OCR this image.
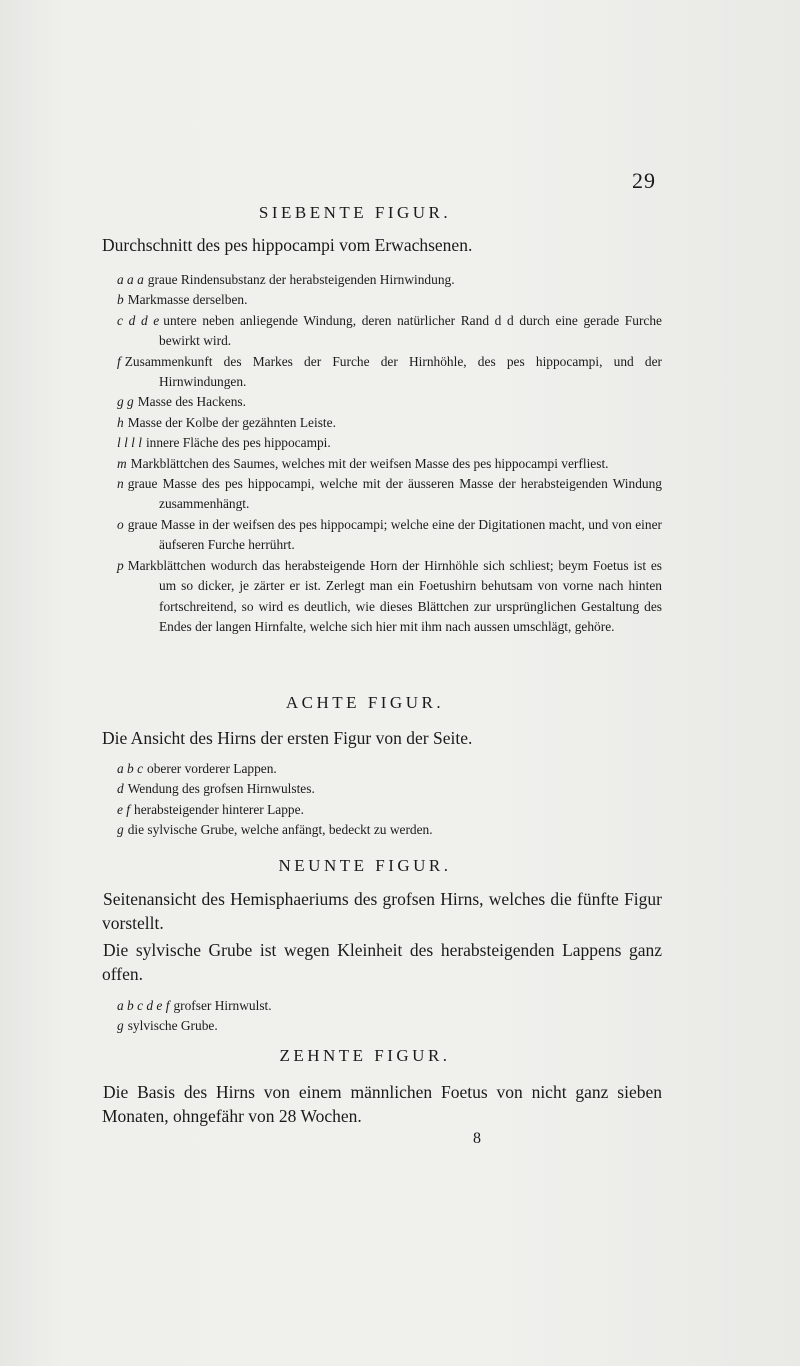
29
SIEBENTE FIGUR.
Durchschnitt des pes hippocampi vom Erwachsenen.
a a a graue Rindensubstanz der herabsteigenden Hirnwindung.
b Markmasse derselben.
c d d e untere neben anliegende Windung, deren natürlicher Rand d d durch eine gerade Furche bewirkt wird.
f Zusammenkunft des Markes der Furche der Hirnhöhle, des pes hippocampi, und der Hirnwindungen.
g g Masse des Hackens.
h Masse der Kolbe der gezähnten Leiste.
l l l l innere Fläche des pes hippocampi.
m Markblättchen des Saumes, welches mit der weifsen Masse des pes hippocampi verfliest.
n graue Masse des pes hippocampi, welche mit der äusseren Masse der herabsteigenden Windung zusammenhängt.
o graue Masse in der weifsen des pes hippocampi; welche eine der Digitationen macht, und von einer äufseren Furche herrührt.
p Markblättchen wodurch das herabsteigende Horn der Hirnhöhle sich schliest; beym Foetus ist es um so dicker, je zärter er ist. Zerlegt man ein Foetushirn behutsam von vorne nach hinten fortschreitend, so wird es deutlich, wie dieses Blättchen zur ursprünglichen Gestaltung des Endes der langen Hirnfalte, welche sich hier mit ihm nach aussen umschlägt, gehöre.
ACHTE FIGUR.
Die Ansicht des Hirns der ersten Figur von der Seite.
a b c oberer vorderer Lappen.
d Wendung des grofsen Hirnwulstes.
e f herabsteigender hinterer Lappe.
g die sylvische Grube, welche anfängt, bedeckt zu werden.
NEUNTE FIGUR.
Seitenansicht des Hemisphaeriums des grofsen Hirns, welches die fünfte Figur vorstellt.
Die sylvische Grube ist wegen Kleinheit des herabsteigenden Lappens ganz offen.
a b c d e f grofser Hirnwulst.
g sylvische Grube.
ZEHNTE FIGUR.
Die Basis des Hirns von einem männlichen Foetus von nicht ganz sieben Monaten, ohngefähr von 28 Wochen.
8
